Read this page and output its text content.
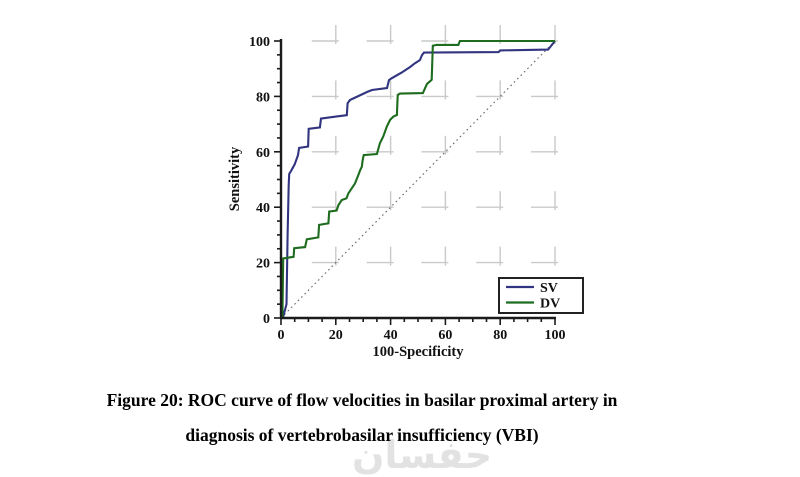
0	20	40	60	80	100
0
20
40
60
80
100
100-Specificity
Sensitivity
SV
DV
حفسان
Figure 20: ROC curve of flow velocities in basilar proximal artery in
diagnosis of vertebrobasilar insufficiency (VBI)
